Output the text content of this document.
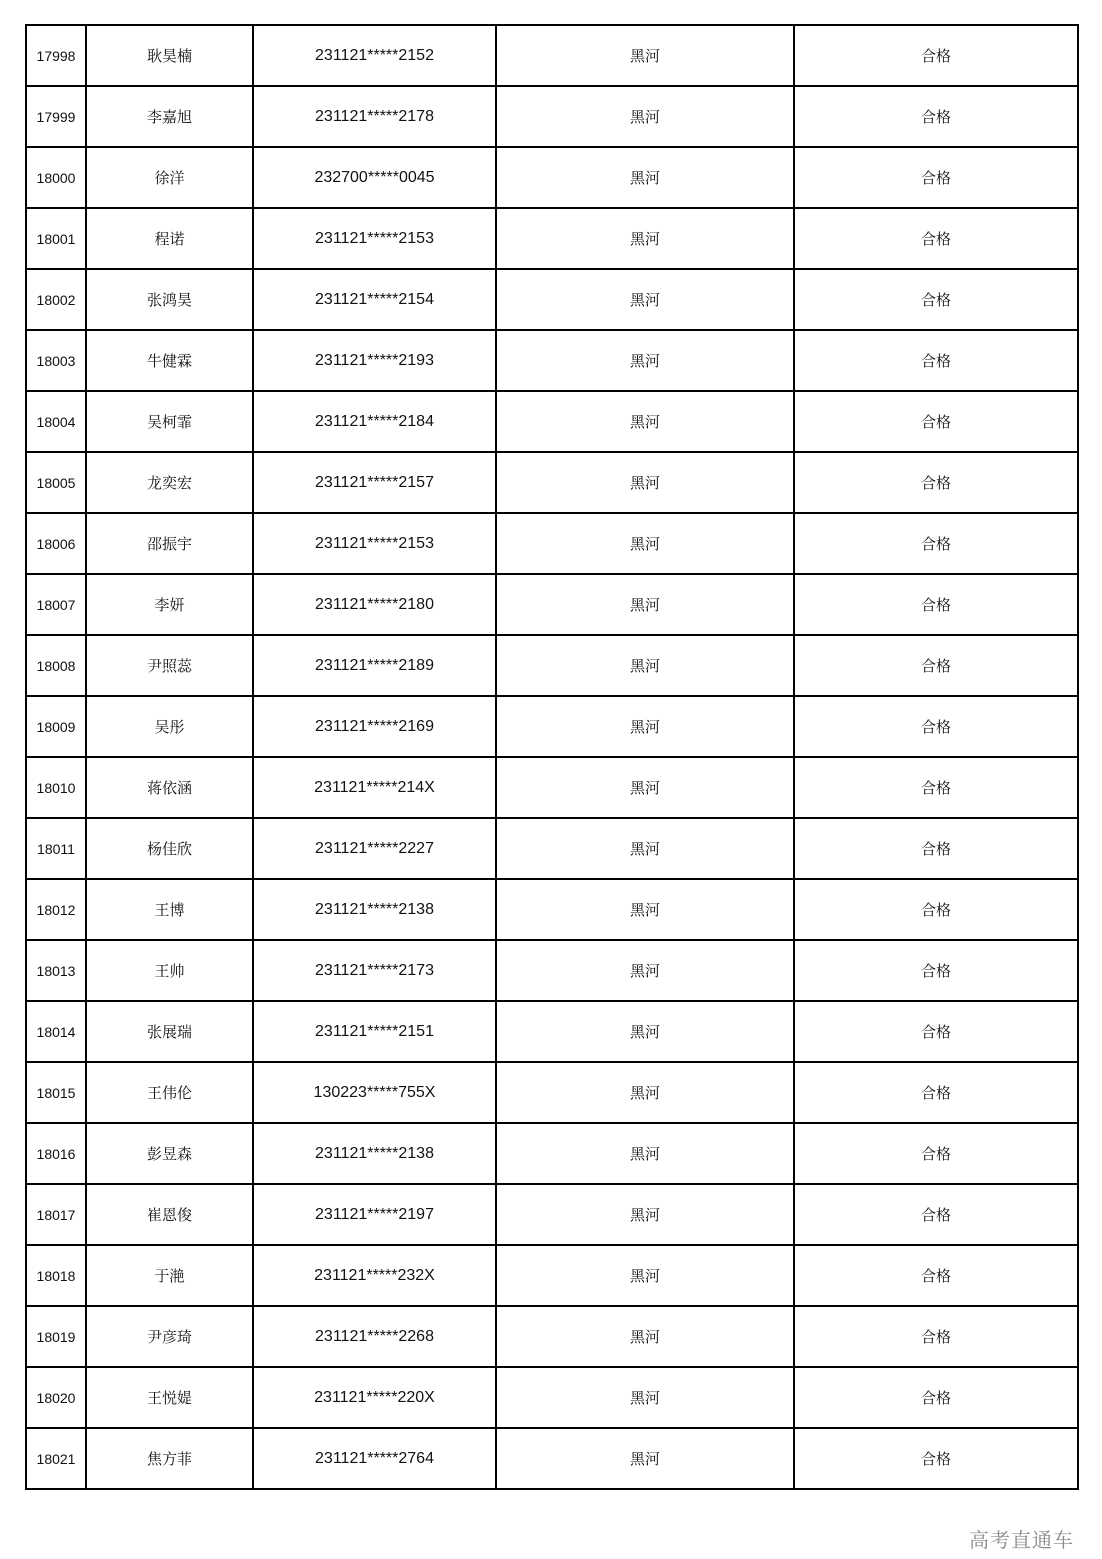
17998	耿昊楠	231121*****2152	黑河	合格
17999	李嘉旭	231121*****2178	黑河	合格
18000	徐洋	232700*****0045	黑河	合格
18001	程诺	231121*****2153	黑河	合格
18002	张鸿昊	231121*****2154	黑河	合格
18003	牛健霖	231121*****2193	黑河	合格
18004	吴柯霏	231121*****2184	黑河	合格
18005	龙奕宏	231121*****2157	黑河	合格
18006	邵振宇	231121*****2153	黑河	合格
18007	李妍	231121*****2180	黑河	合格
18008	尹照蕊	231121*****2189	黑河	合格
18009	吴彤	231121*****2169	黑河	合格
18010	蒋依涵	231121*****214X	黑河	合格
18011	杨佳欣	231121*****2227	黑河	合格
18012	王博	231121*****2138	黑河	合格
18013	王帅	231121*****2173	黑河	合格
18014	张展瑞	231121*****2151	黑河	合格
18015	王伟伦	130223*****755X	黑河	合格
18016	彭昱森	231121*****2138	黑河	合格
18017	崔恩俊	231121*****2197	黑河	合格
18018	于滟	231121*****232X	黑河	合格
18019	尹彦琦	231121*****2268	黑河	合格
18020	王悦媞	231121*****220X	黑河	合格
18021	焦方菲	231121*****2764	黑河	合格
高考直通车
